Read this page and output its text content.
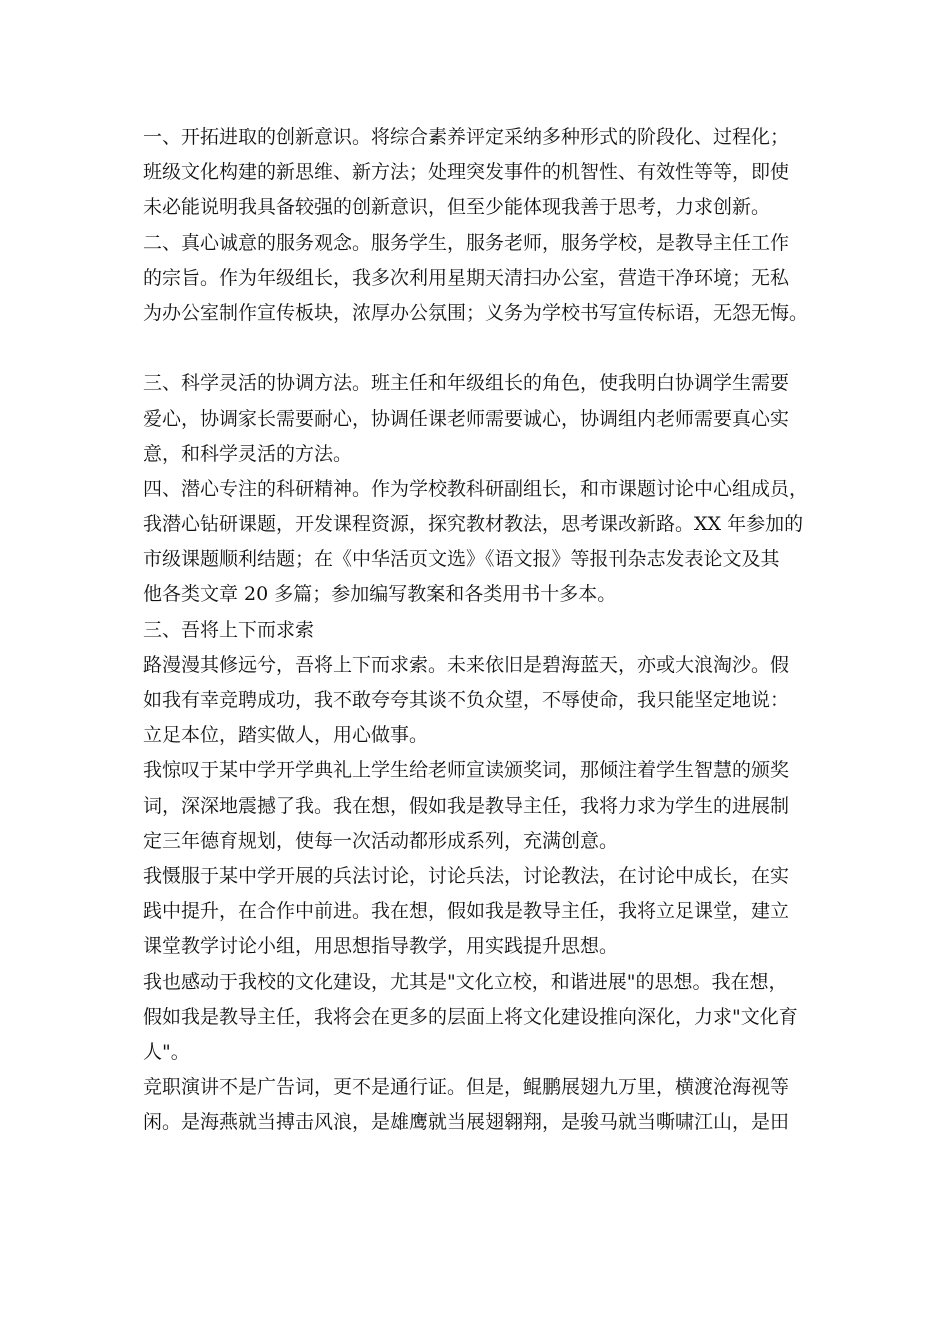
一、开拓进取的创新意识。将综合素养评定采纳多种形式的阶段化、过程化；
班级文化构建的新思维、新方法；处理突发事件的机智性、有效性等等，即使
未必能说明我具备较强的创新意识，但至少能体现我善于思考，力求创新。
二、真心诚意的服务观念。服务学生，服务老师，服务学校，是教导主任工作
的宗旨。作为年级组长，我多次利用星期天清扫办公室，营造干净环境；无私
为办公室制作宣传板块，浓厚办公氛围；义务为学校书写宣传标语，无怨无悔。
三、科学灵活的协调方法。班主任和年级组长的角色，使我明白协调学生需要
爱心，协调家长需要耐心，协调任课老师需要诚心，协调组内老师需要真心实
意，和科学灵活的方法。
四、潜心专注的科研精神。作为学校教科研副组长，和市课题讨论中心组成员，
我潜心钻研课题，开发课程资源，探究教材教法，思考课改新路。XX 年参加的
市级课题顺利结题；在《中华活页文选》《语文报》等报刊杂志发表论文及其
他各类文章 20 多篇；参加编写教案和各类用书十多本。
三、吾将上下而求索
路漫漫其修远兮，吾将上下而求索。未来依旧是碧海蓝天，亦或大浪淘沙。假
如我有幸竞聘成功，我不敢夸夸其谈不负众望，不辱使命，我只能坚定地说：
立足本位，踏实做人，用心做事。
我惊叹于某中学开学典礼上学生给老师宣读颁奖词，那倾注着学生智慧的颁奖
词，深深地震撼了我。我在想，假如我是教导主任，我将力求为学生的进展制
定三年德育规划，使每一次活动都形成系列，充满创意。
我慑服于某中学开展的兵法讨论，讨论兵法，讨论教法，在讨论中成长，在实
践中提升，在合作中前进。我在想，假如我是教导主任，我将立足课堂，建立
课堂教学讨论小组，用思想指导教学，用实践提升思想。
我也感动于我校的文化建设，尤其是"文化立校，和谐进展"的思想。我在想，
假如我是教导主任，我将会在更多的层面上将文化建设推向深化，力求"文化育
人"。
竞职演讲不是广告词，更不是通行证。但是，鲲鹏展翅九万里，横渡沧海视等
闲。是海燕就当搏击风浪，是雄鹰就当展翅翱翔，是骏马就当嘶啸江山，是田
